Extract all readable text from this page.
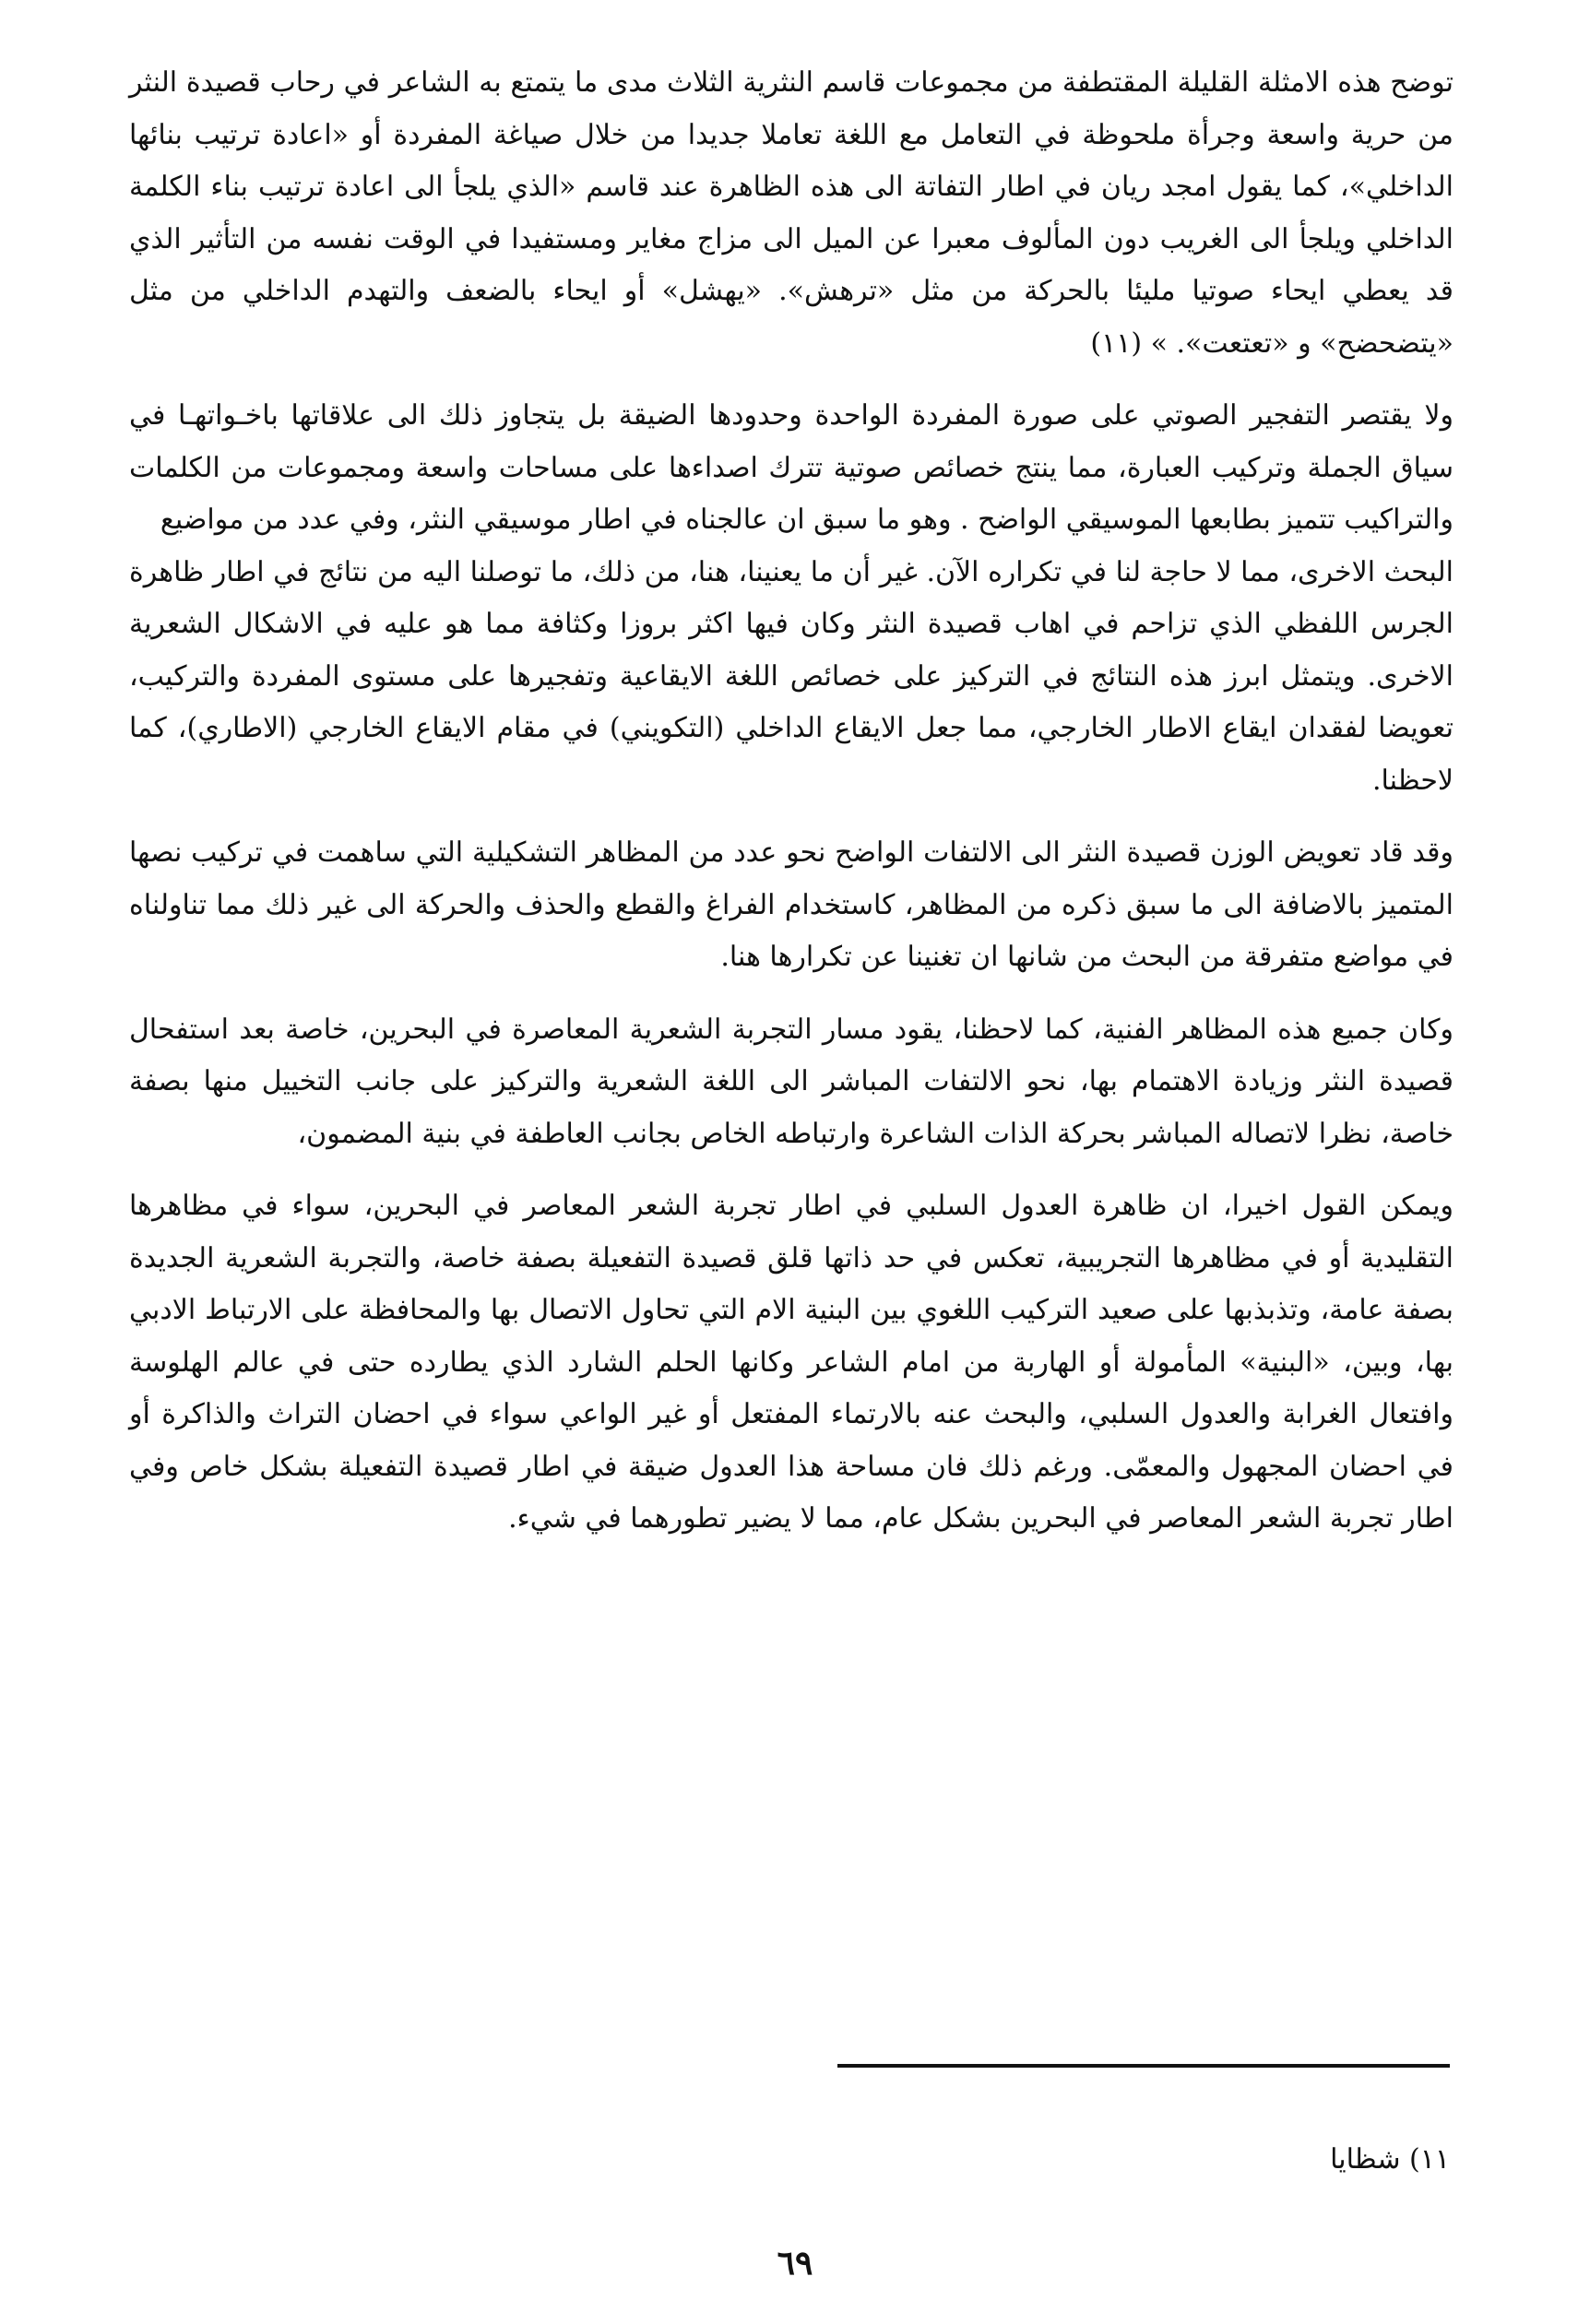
توضح هذه الامثلة القليلة المقتطفة من مجموعات قاسم النثرية الثلاث مدى ما يتمتع به الشاعر في رحاب قصيدة النثر من حرية واسعة وجرأة ملحوظة في التعامل مع اللغة تعاملا جديدا من خلال صياغة المفردة أو «اعادة ترتيب بنائها الداخلي»، كما يقول امجد ريان في اطار التفاتة الى هذه الظاهرة عند قاسم «الذي يلجأ الى اعادة ترتيب بناء الكلمة الداخلي ويلجأ الى الغريب دون المألوف معبرا عن الميل الى مزاج مغاير ومستفيدا في الوقت نفسه من التأثير الذي قد يعطي ايحاء صوتيا مليئا بالحركة من مثل «ترهش». «يهشل» أو ايحاء بالضعف والتهدم الداخلي من مثل «يتضحضح» و «تعتعت». » (١١)

ولا يقتصر التفجير الصوتي على صورة المفردة الواحدة وحدودها الضيقة بل يتجاوز ذلك الى علاقاتها باخـواتهـا في سياق الجملة وتركيب العبارة، مما ينتج خصائص صوتية تترك اصداءها على مساحات واسعة ومجموعات من الكلمات والتراكيب تتميز بطابعها الموسيقي الواضح . وهو ما سبق ان عالجناه في اطار موسيقي النثر، وفي عدد من مواضيع

البحث الاخرى، مما لا حاجة لنا في تكراره الآن. غير أن ما يعنينا، هنا، من ذلك، ما توصلنا اليه من نتائج في اطار ظاهرة الجرس اللفظي الذي تزاحم في اهاب قصيدة النثر وكان فيها اكثر بروزا وكثافة مما هو عليه في الاشكال الشعرية الاخرى. ويتمثل ابرز هذه النتائج في التركيز على خصائص اللغة الايقاعية وتفجيرها على مستوى المفردة والتركيب، تعويضا لفقدان ايقاع الاطار الخارجي، مما جعل الايقاع الداخلي (التكويني) في مقام الايقاع الخارجي (الاطاري)، كما لاحظنا.

وقد قاد تعويض الوزن قصيدة النثر الى الالتفات الواضح نحو عدد من المظاهر التشكيلية التي ساهمت في تركيب نصها المتميز بالاضافة الى ما سبق ذكره من المظاهر، كاستخدام الفراغ والقطع والحذف والحركة الى غير ذلك مما تناولناه في مواضع متفرقة من البحث من شانها ان تغنينا عن تكرارها هنا.

وكان جميع هذه المظاهر الفنية، كما لاحظنا، يقود مسار التجربة الشعرية المعاصرة في البحرين، خاصة بعد استفحال قصيدة النثر وزيادة الاهتمام بها، نحو الالتفات المباشر الى اللغة الشعرية والتركيز على جانب التخييل منها بصفة خاصة، نظرا لاتصاله المباشر بحركة الذات الشاعرة وارتباطه الخاص بجانب العاطفة في بنية المضمون،

ويمكن القول اخيرا، ان ظاهرة العدول السلبي في اطار تجربة الشعر المعاصر في البحرين، سواء في مظاهرها التقليدية أو في مظاهرها التجريبية، تعكس في حد ذاتها قلق قصيدة التفعيلة بصفة خاصة، والتجربة الشعرية الجديدة بصفة عامة، وتذبذبها على صعيد التركيب اللغوي بين البنية الام التي تحاول الاتصال بها والمحافظة على الارتباط الادبي بها، وبين، «البنية» المأمولة أو الهاربة من امام الشاعر وكانها الحلم الشارد الذي يطارده حتى في عالم الهلوسة وافتعال الغرابة والعدول السلبي، والبحث عنه بالارتماء المفتعل أو غير الواعي سواء في احضان التراث والذاكرة أو في احضان المجهول والمعمّى. ورغم ذلك فان مساحة هذا العدول ضيقة في اطار قصيدة التفعيلة بشكل خاص وفي اطار تجربة الشعر المعاصر في البحرين بشكل عام، مما لا يضير تطورهما في شيء.

١١) شظايا
٦٩
